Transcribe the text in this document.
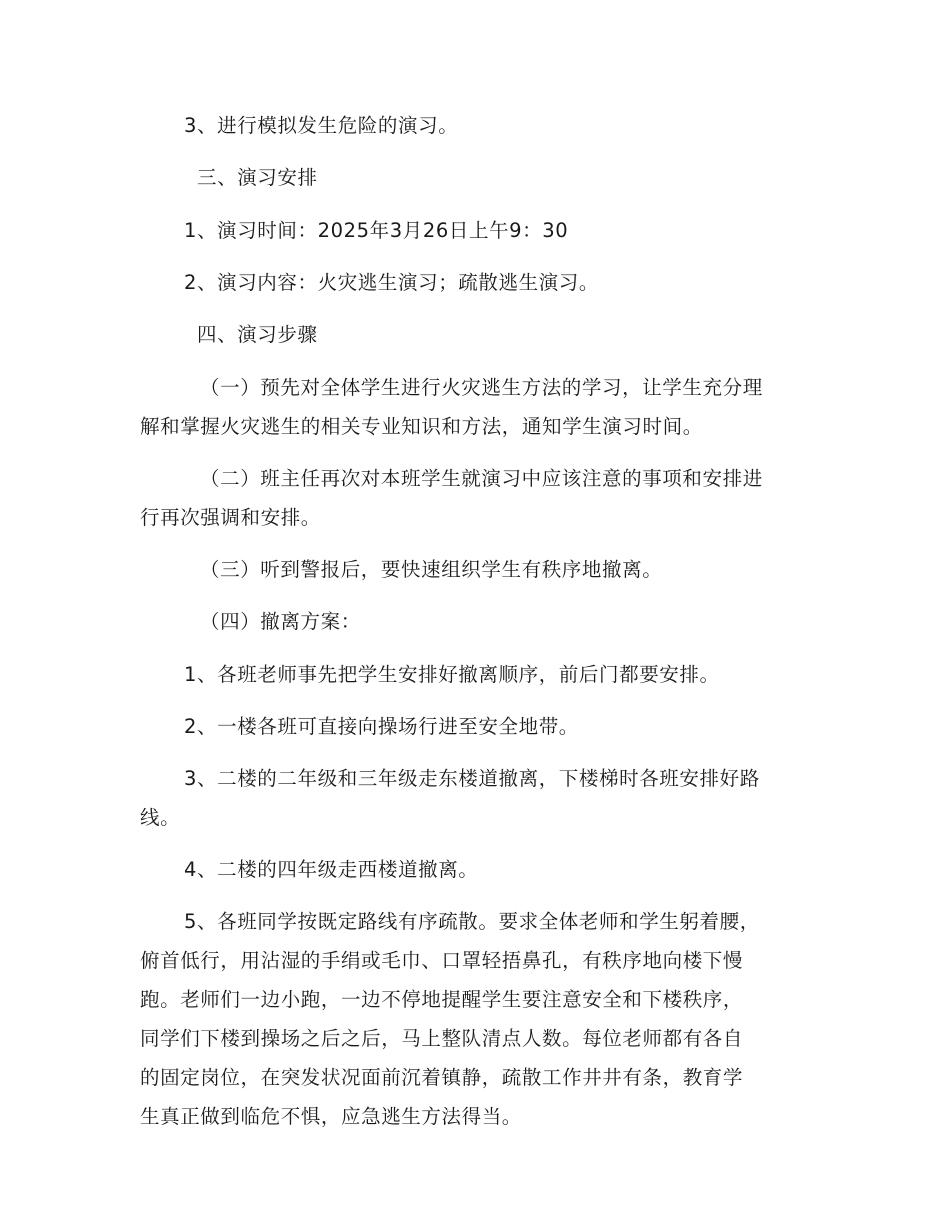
3、进行模拟发生危险的演习。
三、演习安排
1、演习时间：2025年3月26日上午9：30
2、演习内容：火灾逃生演习；疏散逃生演习。
四、演习步骤
（一）预先对全体学生进行火灾逃生方法的学习，让学生充分理
解和掌握火灾逃生的相关专业知识和方法，通知学生演习时间。
（二）班主任再次对本班学生就演习中应该注意的事项和安排进
行再次强调和安排。
（三）听到警报后，要快速组织学生有秩序地撤离。
（四）撤离方案：
1、各班老师事先把学生安排好撤离顺序，前后门都要安排。
2、一楼各班可直接向操场行进至安全地带。
3、二楼的二年级和三年级走东楼道撤离，下楼梯时各班安排好路
线。
4、二楼的四年级走西楼道撤离。
5、各班同学按既定路线有序疏散。要求全体老师和学生躬着腰，
俯首低行，用沾湿的手绢或毛巾、口罩轻捂鼻孔，有秩序地向楼下慢
跑。老师们一边小跑，一边不停地提醒学生要注意安全和下楼秩序，
同学们下楼到操场之后之后，马上整队清点人数。每位老师都有各自
的固定岗位，在突发状况面前沉着镇静，疏散工作井井有条，教育学
生真正做到临危不惧，应急逃生方法得当。
